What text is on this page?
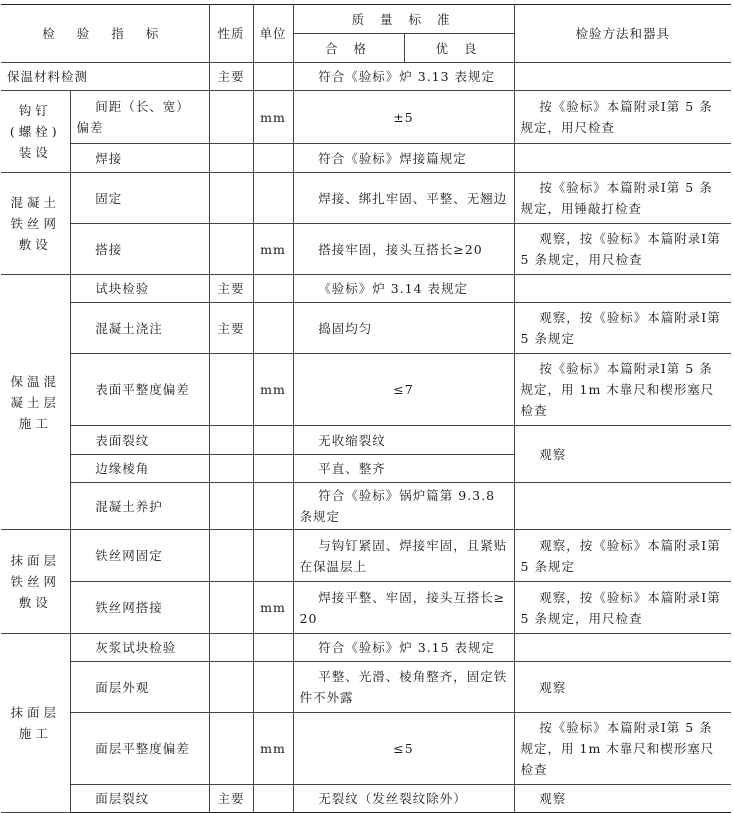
检 验 指 标		性质	单位	质 量 标 准		检验方法和器具
				合 格	优 良	
保温材料检测		主要		符合《验标》炉 3.13 表规定		
钩钉(螺栓)装设	间距（长、宽）偏差		mm	±5		按《验标》本篇附录Ⅰ第 5 条规定，用尺检查
	焊接			符合《验标》焊接篇规定		
混凝土铁丝网敷设	固定			焊接、绑扎牢固、平整、无翘边		按《验标》本篇附录Ⅰ第 5 条规定，用锤敲打检查
	搭接		mm	搭接牢固，接头互搭长≥20		观察，按《验标》本篇附录Ⅰ第 5 条规定，用尺检查
保温混凝土层施工	试块检验	主要		《验标》炉 3.14 表规定		
	混凝土浇注	主要		捣固均匀		观察，按《验标》本篇附录Ⅰ第 5 条规定
	表面平整度偏差		mm	≤7		按《验标》本篇附录Ⅰ第 5 条规定，用 1m 木靠尺和楔形塞尺检查
	表面裂纹			无收缩裂纹		观察
	边缘棱角			平直、整齐		
	混凝土养护			符合《验标》锅炉篇第 9.3.8 条规定		
抹面层铁丝网敷设	铁丝网固定			与钩钉紧固、焊接牢固，且紧贴在保温层上		观察，按《验标》本篇附录Ⅰ第 5 条规定
	铁丝网搭接		mm	焊接平整、牢固，接头互搭长≥20		观察，按《验标》本篇附录Ⅰ第 5 条规定，用尺检查
抹面层施工	灰浆试块检验			符合《验标》炉 3.15 表规定		
	面层外观			平整、光滑、棱角整齐，固定铁件不外露		观察
	面层平整度偏差		mm	≤5		按《验标》本篇附录Ⅰ第 5 条规定，用 1m 木靠尺和楔形塞尺检查
	面层裂纹	主要		无裂纹（发丝裂纹除外）		观察
